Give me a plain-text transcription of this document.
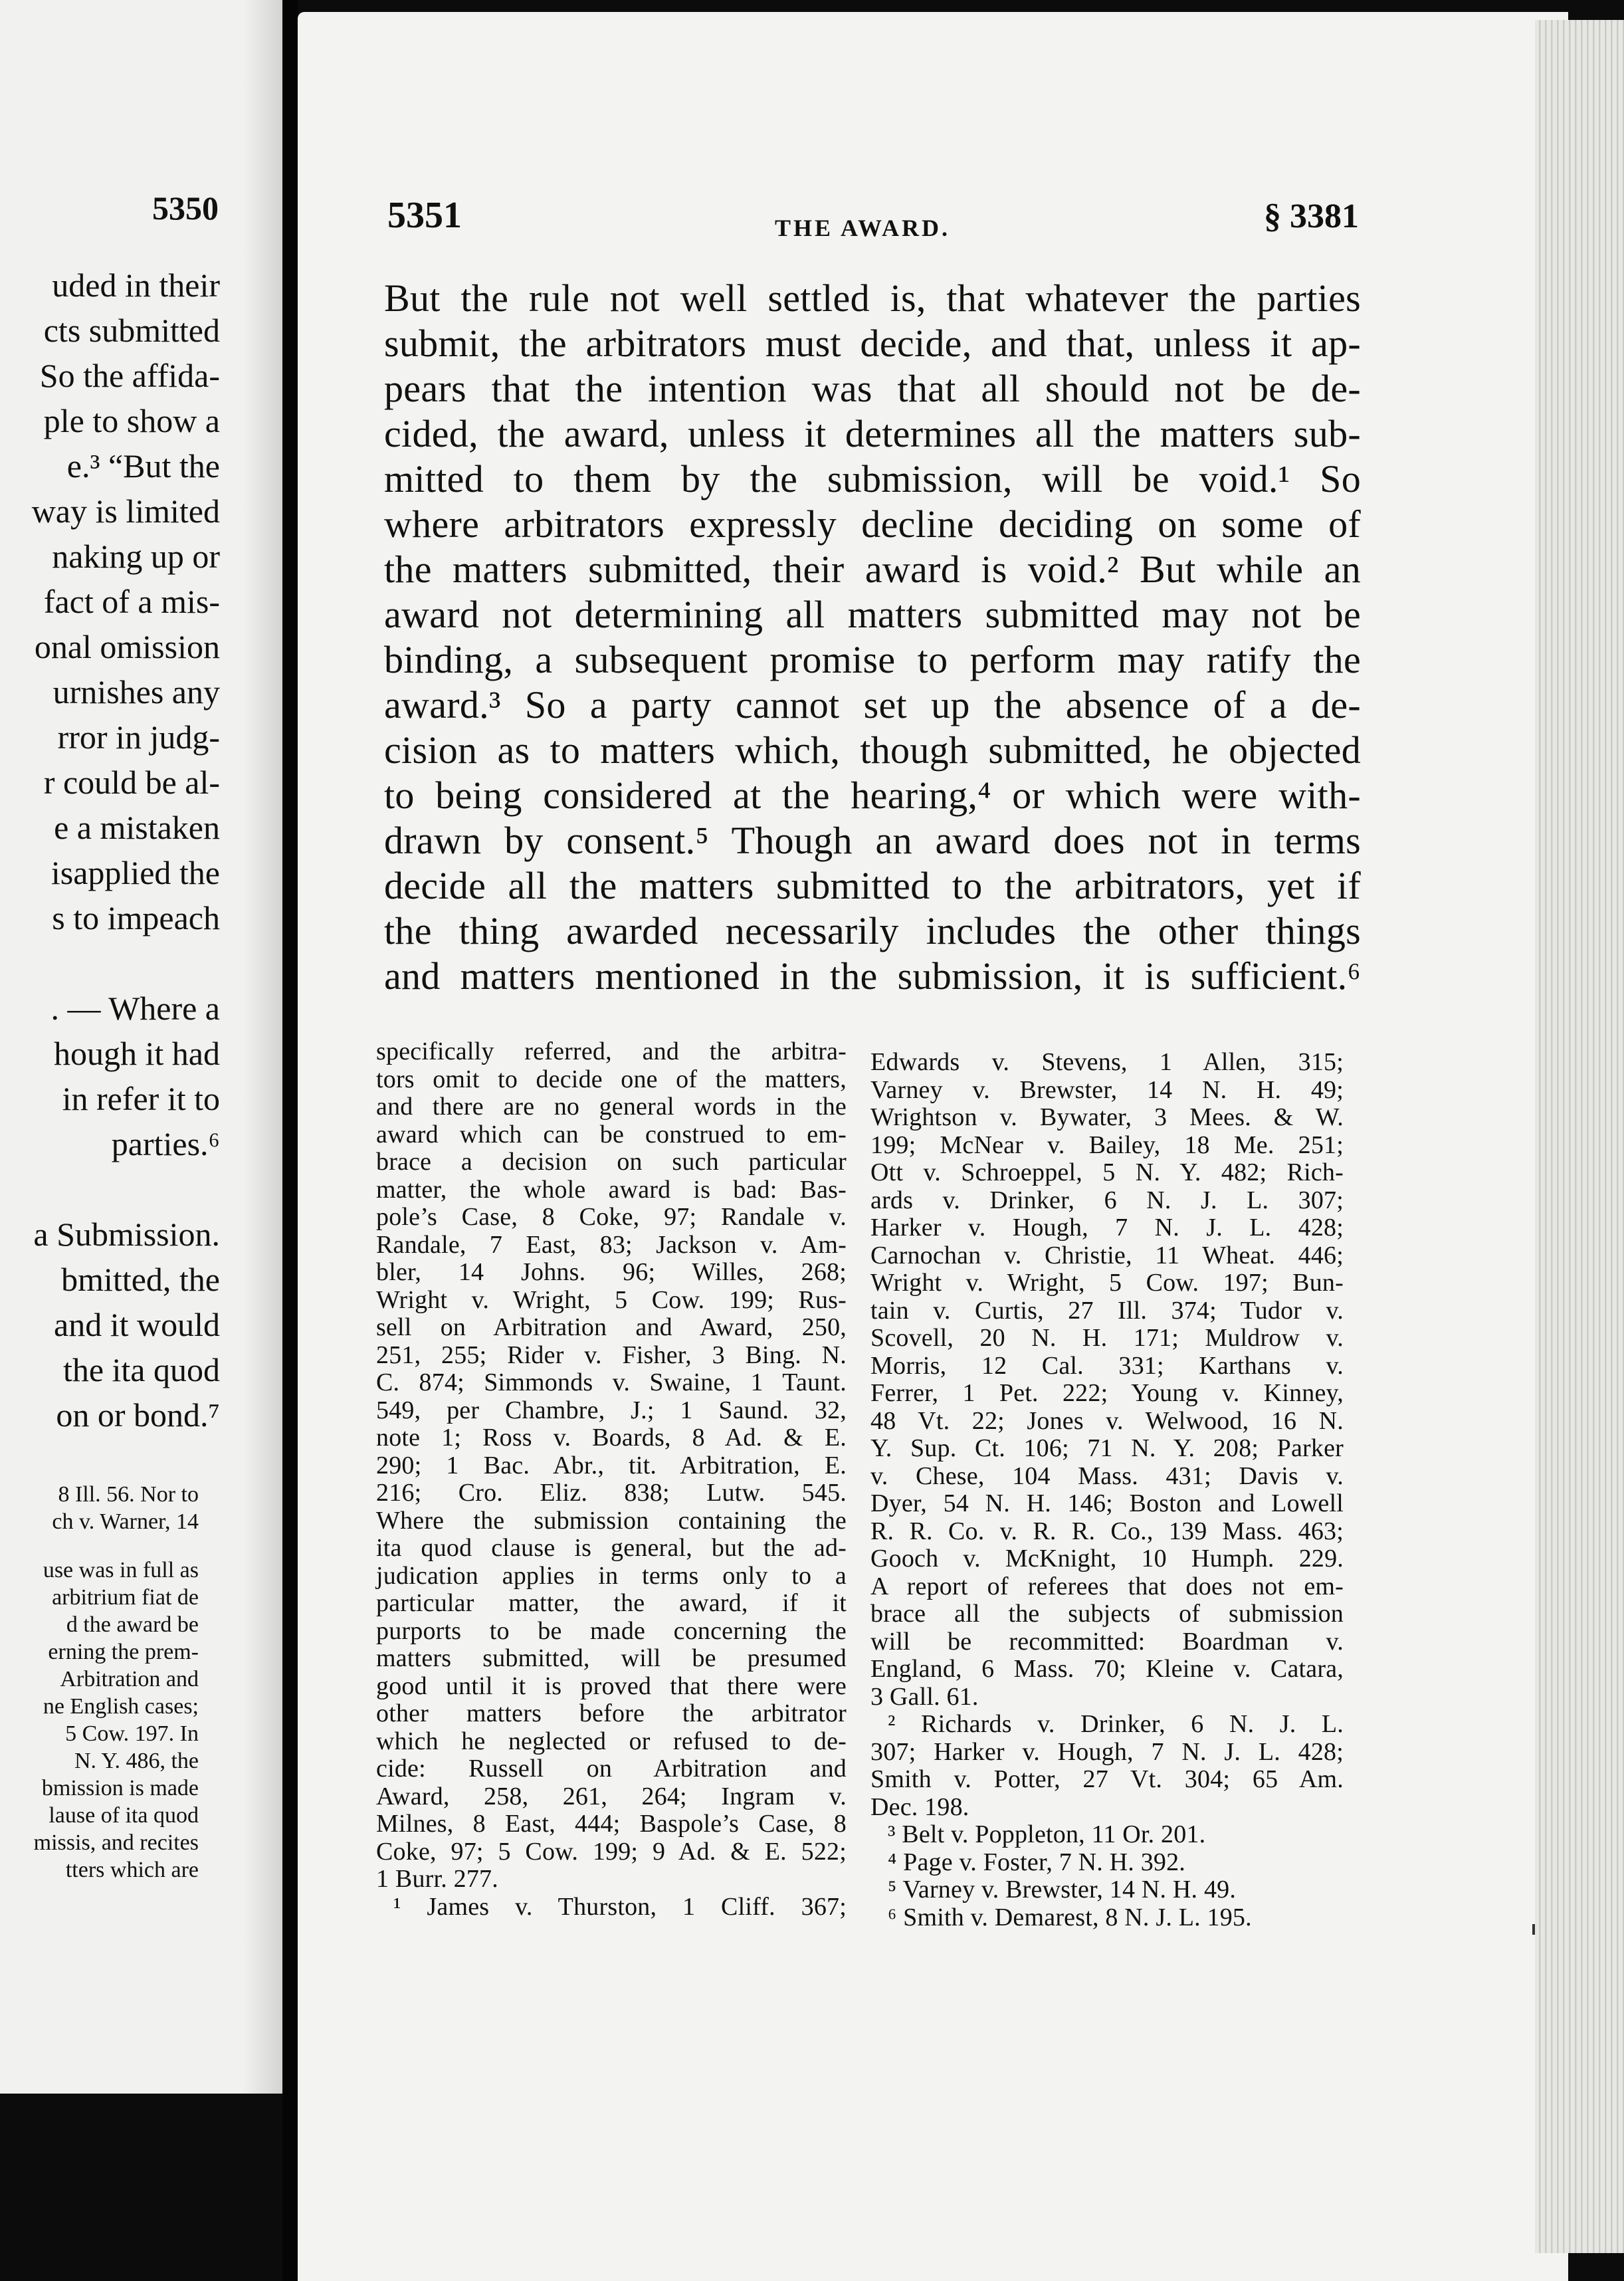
5350

uded in their
cts submitted
So the affida-
ple to show a
e.³ “But the
way is limited
naking up or
fact of a mis-
onal omission
urnishes any
rror in judg-
r could be al-
e a mistaken
isapplied the
s to impeach
. — Where a
hough it had
in refer it to
parties.⁶
a Submission.
bmitted, the
and it would
the ita quod
on or bond.⁷
8 Ill. 56. Nor to
ch v. Warner, 14
use was in full as
arbitrium fiat de
d the award be
erning the prem-
Arbitration and
ne English cases;
5 Cow. 197. In
N. Y. 486, the
bmission is made
lause of ita quod
missis, and recites
tters which are
5351	THE AWARD.	§ 3381
But the rule not well settled is, that whatever the parties
submit, the arbitrators must decide, and that, unless it ap-
pears that the intention was that all should not be de-
cided, the award, unless it determines all the matters sub-
mitted to them by the submission, will be void.¹ So
where arbitrators expressly decline deciding on some of
the matters submitted, their award is void.² But while an
award not determining all matters submitted may not be
binding, a subsequent promise to perform may ratify the
award.³ So a party cannot set up the absence of a de-
cision as to matters which, though submitted, he objected
to being considered at the hearing,⁴ or which were with-
drawn by consent.⁵ Though an award does not in terms
decide all the matters submitted to the arbitrators, yet if
the thing awarded necessarily includes the other things
and matters mentioned in the submission, it is sufficient.⁶
specifically referred, and the arbitra-
tors omit to decide one of the matters,
and there are no general words in the
award which can be construed to em-
brace a decision on such particular
matter, the whole award is bad: Bas-
pole’s Case, 8 Coke, 97; Randale v.
Randale, 7 East, 83; Jackson v. Am-
bler, 14 Johns. 96; Willes, 268;
Wright v. Wright, 5 Cow. 199; Rus-
sell on Arbitration and Award, 250,
251, 255; Rider v. Fisher, 3 Bing. N.
C. 874; Simmonds v. Swaine, 1 Taunt.
549, per Chambre, J.; 1 Saund. 32,
note 1; Ross v. Boards, 8 Ad. & E.
290; 1 Bac. Abr., tit. Arbitration, E.
216; Cro. Eliz. 838; Lutw. 545.
Where the submission containing the
ita quod clause is general, but the ad-
judication applies in terms only to a
particular matter, the award, if it
purports to be made concerning the
matters submitted, will be presumed
good until it is proved that there were
other matters before the arbitrator
which he neglected or refused to de-
cide: Russell on Arbitration and
Award, 258, 261, 264; Ingram v.
Milnes, 8 East, 444; Baspole’s Case, 8
Coke, 97; 5 Cow. 199; 9 Ad. & E. 522;
1 Burr. 277.
¹ James v. Thurston, 1 Cliff. 367;
Edwards v. Stevens, 1 Allen, 315;
Varney v. Brewster, 14 N. H. 49;
Wrightson v. Bywater, 3 Mees. & W.
199; McNear v. Bailey, 18 Me. 251;
Ott v. Schroeppel, 5 N. Y. 482; Rich-
ards v. Drinker, 6 N. J. L. 307;
Harker v. Hough, 7 N. J. L. 428;
Carnochan v. Christie, 11 Wheat. 446;
Wright v. Wright, 5 Cow. 197; Bun-
tain v. Curtis, 27 Ill. 374; Tudor v.
Scovell, 20 N. H. 171; Muldrow v.
Morris, 12 Cal. 331; Karthans v.
Ferrer, 1 Pet. 222; Young v. Kinney,
48 Vt. 22; Jones v. Welwood, 16 N.
Y. Sup. Ct. 106; 71 N. Y. 208; Parker
v. Chese, 104 Mass. 431; Davis v.
Dyer, 54 N. H. 146; Boston and Lowell
R. R. Co. v. R. R. Co., 139 Mass. 463;
Gooch v. McKnight, 10 Humph. 229.
A report of referees that does not em-
brace all the subjects of submission
will be recommitted: Boardman v.
England, 6 Mass. 70; Kleine v. Catara,
3 Gall. 61.
² Richards v. Drinker, 6 N. J. L.
307; Harker v. Hough, 7 N. J. L. 428;
Smith v. Potter, 27 Vt. 304; 65 Am.
Dec. 198.
³ Belt v. Poppleton, 11 Or. 201.
⁴ Page v. Foster, 7 N. H. 392.
⁵ Varney v. Brewster, 14 N. H. 49.
⁶ Smith v. Demarest, 8 N. J. L. 195.
